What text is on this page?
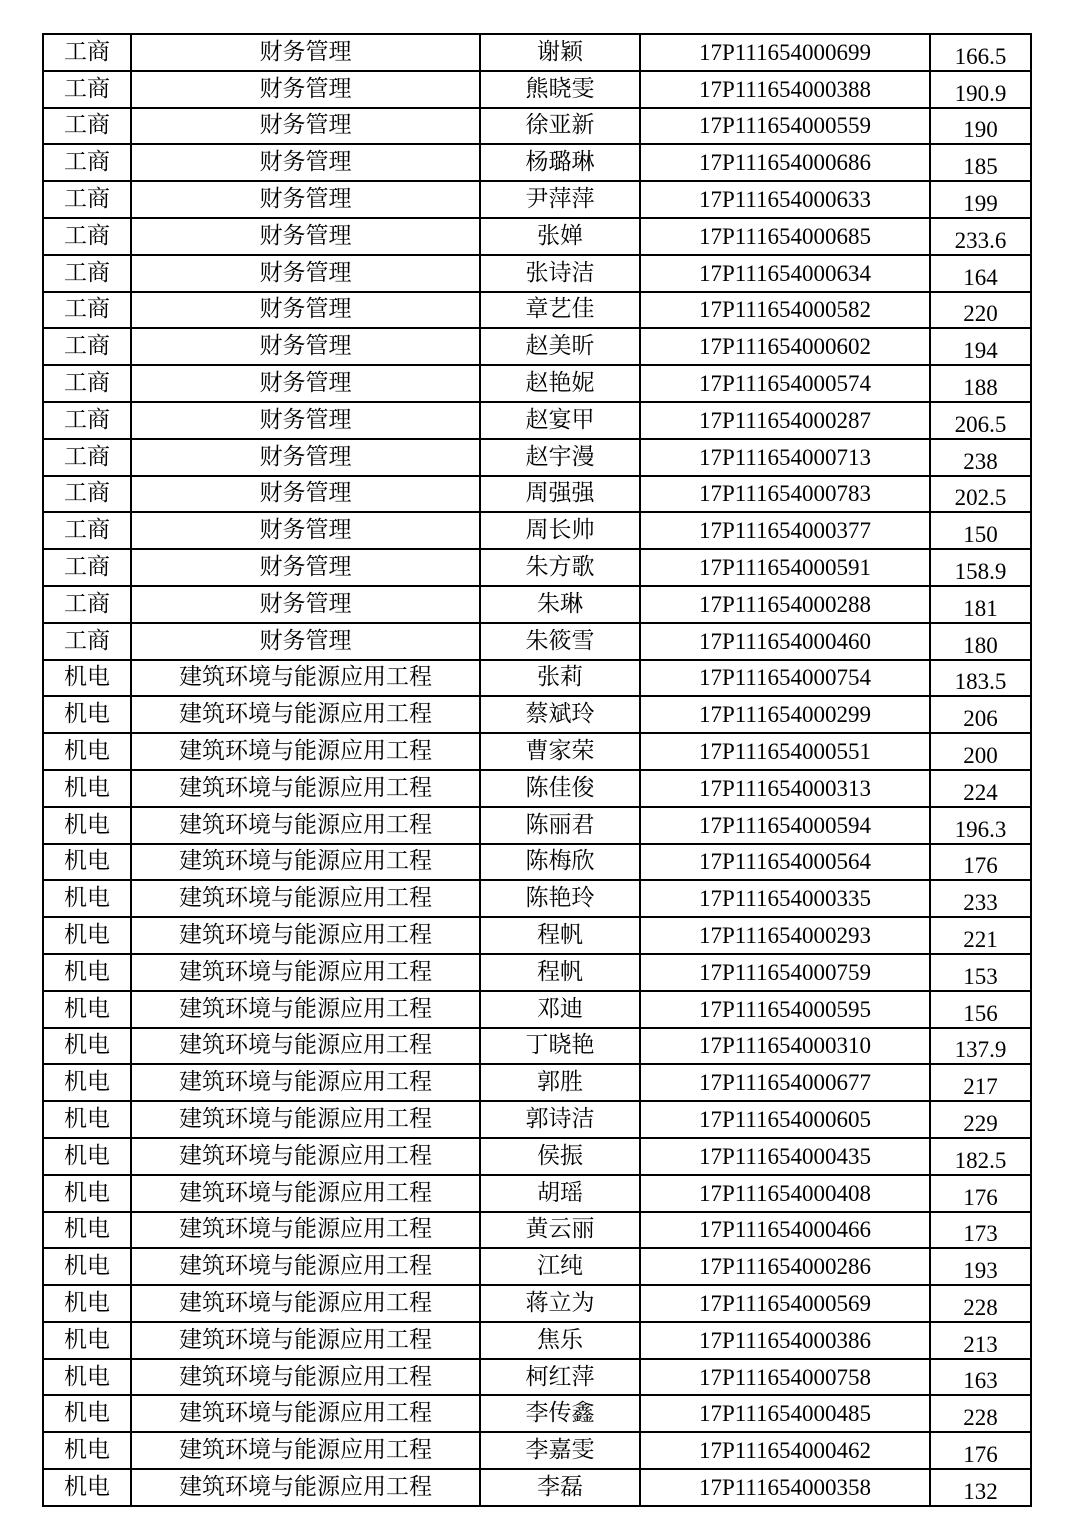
工商	财务管理	谢颖	17P111654000699	166.5
工商	财务管理	熊晓雯	17P111654000388	190.9
工商	财务管理	徐亚新	17P111654000559	190
工商	财务管理	杨璐琳	17P111654000686	185
工商	财务管理	尹萍萍	17P111654000633	199
工商	财务管理	张婵	17P111654000685	233.6
工商	财务管理	张诗洁	17P111654000634	164
工商	财务管理	章艺佳	17P111654000582	220
工商	财务管理	赵美昕	17P111654000602	194
工商	财务管理	赵艳妮	17P111654000574	188
工商	财务管理	赵宴甲	17P111654000287	206.5
工商	财务管理	赵宇漫	17P111654000713	238
工商	财务管理	周强强	17P111654000783	202.5
工商	财务管理	周长帅	17P111654000377	150
工商	财务管理	朱方歌	17P111654000591	158.9
工商	财务管理	朱琳	17P111654000288	181
工商	财务管理	朱筱雪	17P111654000460	180
机电	建筑环境与能源应用工程	张莉	17P111654000754	183.5
机电	建筑环境与能源应用工程	蔡斌玲	17P111654000299	206
机电	建筑环境与能源应用工程	曹家荣	17P111654000551	200
机电	建筑环境与能源应用工程	陈佳俊	17P111654000313	224
机电	建筑环境与能源应用工程	陈丽君	17P111654000594	196.3
机电	建筑环境与能源应用工程	陈梅欣	17P111654000564	176
机电	建筑环境与能源应用工程	陈艳玲	17P111654000335	233
机电	建筑环境与能源应用工程	程帆	17P111654000293	221
机电	建筑环境与能源应用工程	程帆	17P111654000759	153
机电	建筑环境与能源应用工程	邓迪	17P111654000595	156
机电	建筑环境与能源应用工程	丁晓艳	17P111654000310	137.9
机电	建筑环境与能源应用工程	郭胜	17P111654000677	217
机电	建筑环境与能源应用工程	郭诗洁	17P111654000605	229
机电	建筑环境与能源应用工程	侯振	17P111654000435	182.5
机电	建筑环境与能源应用工程	胡瑶	17P111654000408	176
机电	建筑环境与能源应用工程	黄云丽	17P111654000466	173
机电	建筑环境与能源应用工程	江纯	17P111654000286	193
机电	建筑环境与能源应用工程	蒋立为	17P111654000569	228
机电	建筑环境与能源应用工程	焦乐	17P111654000386	213
机电	建筑环境与能源应用工程	柯红萍	17P111654000758	163
机电	建筑环境与能源应用工程	李传鑫	17P111654000485	228
机电	建筑环境与能源应用工程	李嘉雯	17P111654000462	176
机电	建筑环境与能源应用工程	李磊	17P111654000358	132
